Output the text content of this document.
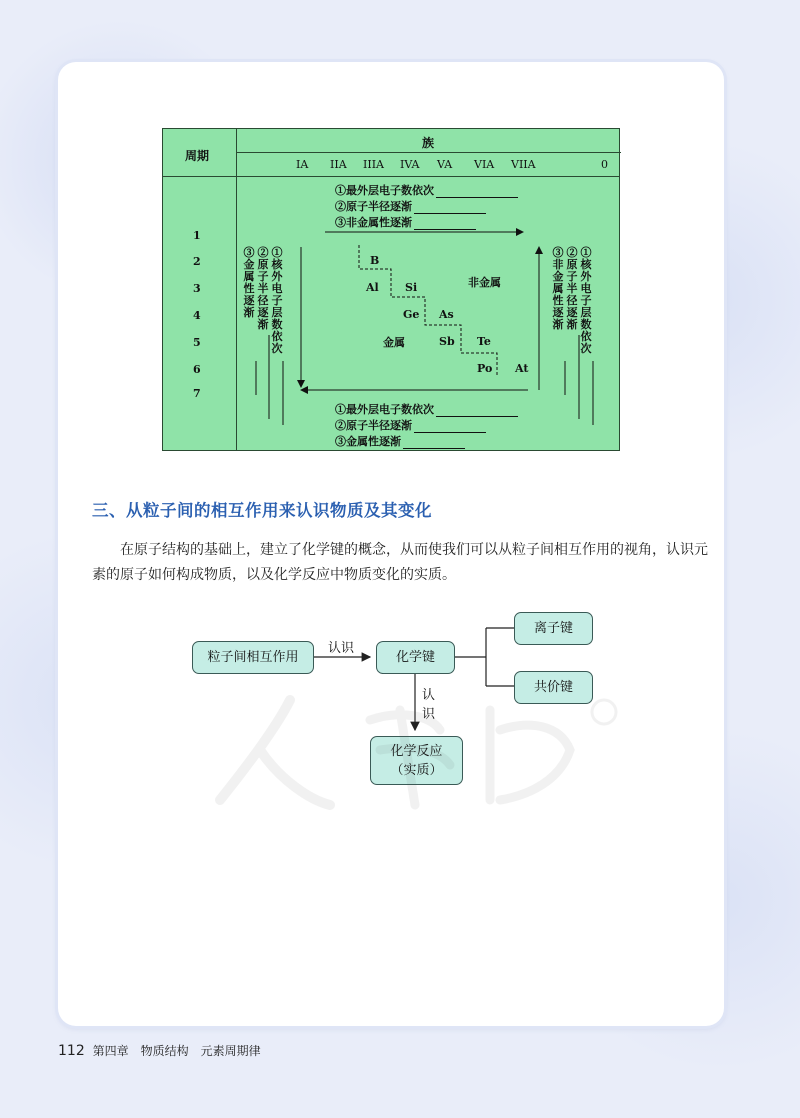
周期
族
IA IIA IIIA IVA VA VIA VIIA	0
1
2
3
4
5
6
7
①最外层电子数依次
②原子半径逐渐
③非金属性逐渐
①最外层电子数依次
②原子半径逐渐
③金属性逐渐
③金属性逐渐
②原子半径逐渐
①核外电子层数依次
③非金属性逐渐
②原子半径逐渐
①核外电子层数依次
B
Al Si
Ge As
Sb Te
Po At
非金属
金属
三、从粒子间的相互作用来认识物质及其变化
在原子结构的基础上，建立了化学键的概念，从而使我们可以从粒子间相互作用的视角，认识元素的原子如何构成物质，以及化学反应中物质变化的实质。
粒子间相互作用	化学键
离子键
共价键
化学反应
（实质）
认识
认
识
112 第四章　物质结构　元素周期律
